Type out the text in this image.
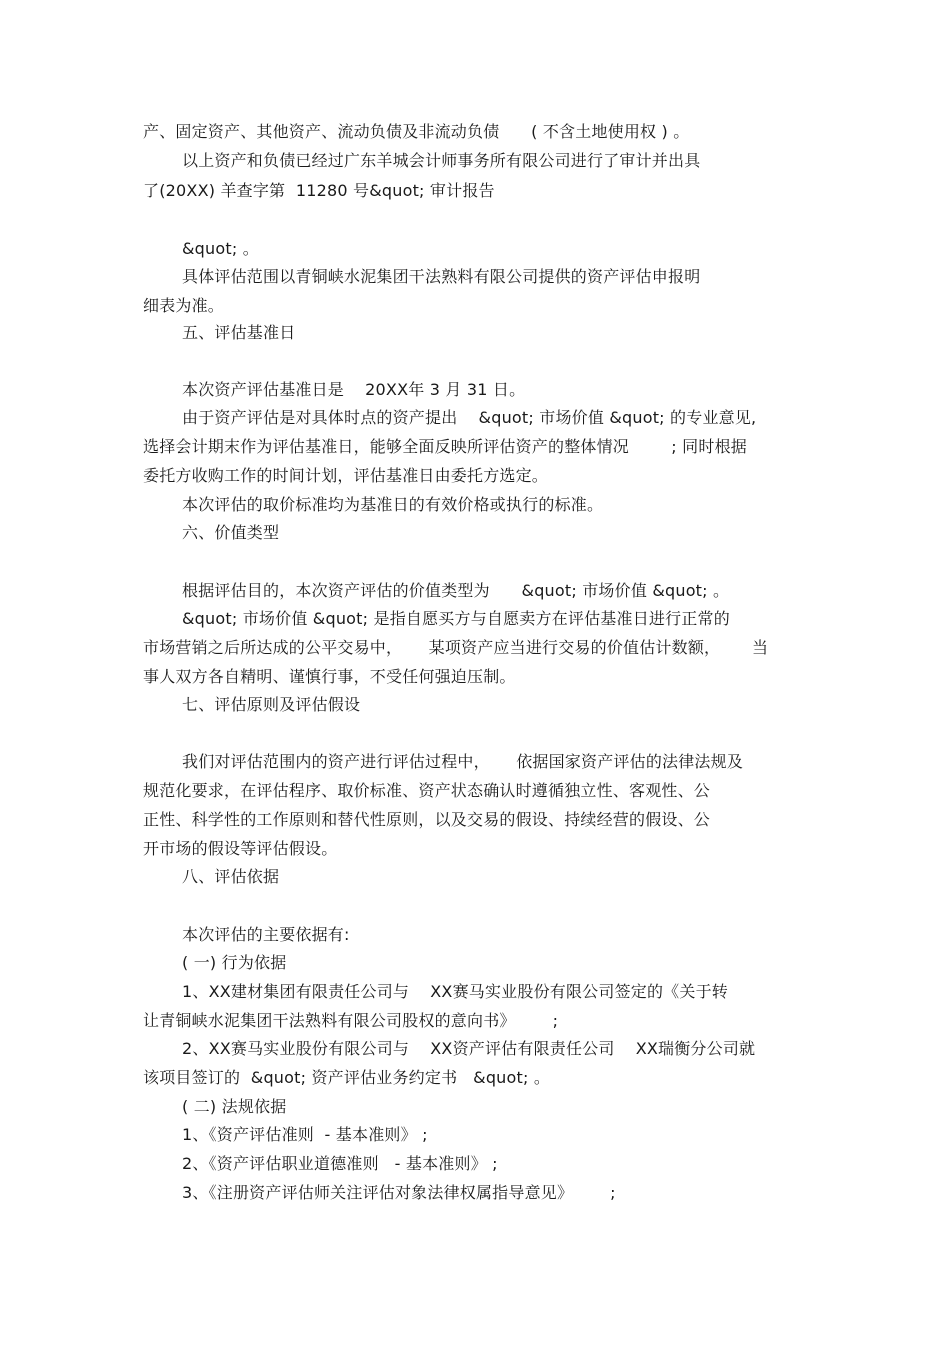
产、固定资产、其他资产、流动负债及非流动负债      ( 不含土地使用权 ) 。
以上资产和负债已经过广东羊城会计师事务所有限公司进行了审计并出具
了(20XX) 羊查字第  11280 号&quot; 审计报告
&quot; 。
具体评估范围以青铜峡水泥集团干法熟料有限公司提供的资产评估申报明
细表为准。
五、评估基准日
本次资产评估基准日是    20XX年 3 月 31 日。
由于资产评估是对具体时点的资产提出    &quot; 市场价值 &quot; 的专业意见,
选择会计期末作为评估基准日，能够全面反映所评估资产的整体情况        ; 同时根据
委托方收购工作的时间计划，评估基准日由委托方选定。
本次评估的取价标准均为基准日的有效价格或执行的标准。
六、价值类型
根据评估目的，本次资产评估的价值类型为      &quot; 市场价值 &quot; 。
&quot; 市场价值 &quot; 是指自愿买方与自愿卖方在评估基准日进行正常的
市场营销之后所达成的公平交易中，     某项资产应当进行交易的价值估计数额，      当
事人双方各自精明、谨慎行事，不受任何强迫压制。
七、评估原则及评估假设
我们对评估范围内的资产进行评估过程中，     依据国家资产评估的法律法规及
规范化要求，在评估程序、取价标准、资产状态确认时遵循独立性、客观性、公
正性、科学性的工作原则和替代性原则，以及交易的假设、持续经营的假设、公
开市场的假设等评估假设。
八、评估依据
本次评估的主要依据有:
( 一) 行为依据
1、XX建材集团有限责任公司与    XX赛马实业股份有限公司签定的《关于转
让青铜峡水泥集团干法熟料有限公司股权的意向书》       ;
2、XX赛马实业股份有限公司与    XX资产评估有限责任公司    XX瑞衡分公司就
该项目签订的  &quot; 资产评估业务约定书   &quot; 。
( 二) 法规依据
1、《资产评估准则  - 基本准则》 ;
2、《资产评估职业道德准则   - 基本准则》 ;
3、《注册资产评估师关注评估对象法律权属指导意见》       ;
